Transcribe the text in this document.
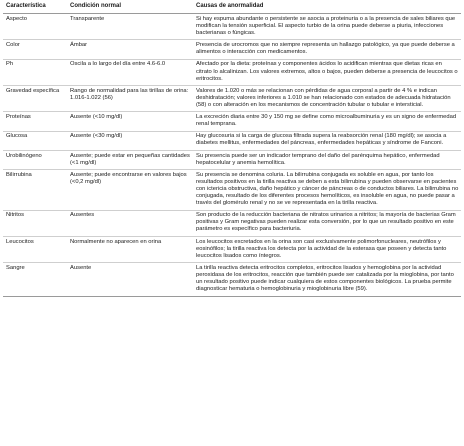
Característica	Condición normal	Causas de anormalidad
Aspecto	Transparente	Si hay espuma abundante o persistente se asocia a proteinuria o a la presencia de sales biliares que modifican la tensión superficial. El aspecto turbio de la orina puede deberse a piuria, infecciones bacterianas o fúngicas.
Color	Ámbar	Presencia de urocromos que no siempre representa un hallazgo patológico, ya que puede deberse a alimentos o interacción con medicamentos.
Ph	Oscila a lo largo del día entre 4.6-6.0	Afectado por la dieta: proteínas y componentes ácidos lo acidifican mientras que dietas ricas en citrato lo alcalinizan. Los valores extremos, altos o bajos, pueden deberse a presencia de leucocitos o eritrocitos.
Gravedad específica	Rango de normalidad para las tirillas de orina: 1.016-1.022 (56)	Valores de 1.020 o más se relacionan con pérdidas de agua corporal a partir de 4 % e indican deshidratación; valores inferiores a 1.010 se han relacionado con estados de adecuada hidratación (58) o con alteración en los mecanismos de concentración tubular o tubular e intersticial.
Proteínas	Ausente (<10 mg/dl)	La excreción diaria entre 30 y 150 mg se define como microalbuminuria y es un signo de enfermedad renal temprana.
Glucosa	Ausente (<30 mg/dl)	Hay glucosuria si la carga de glucosa filtrada supera la reabsorción renal (180 mg/dl); se asocia a diabetes mellitus, enfermedades del páncreas, enfermedades hepáticas y síndrome de Fanconi.
Urobilinógeno	Ausente; puede estar en pequeñas cantidades (<1 mg/dl)	Su presencia puede ser un indicador temprano del daño del parénquima hepático, enfermedad hepatocelular y anemia hemolítica.
Bilirrubina	Ausente; puede encontrarse en valores bajos (<0,2 mg/dl)	Su presencia se denomina coluria. La bilirrubina conjugada es soluble en agua, por tanto los resultados positivos en la tirilla reactiva se deben a esta bilirrubina y pueden observarse en pacientes con ictericia obstructiva, daño hepático y cáncer de páncreas o de conductos biliares. La bilirrubina no conjugada, resultado de los diferentes procesos hemolíticos, es insoluble en agua, no puede pasar a través del glomérulo renal y no se ve representada en la tirilla reactiva.
Nitritos	Ausentes	Son producto de la reducción bacteriana de nitratos urinarios a nitritos; la mayoría de bacterias Gram positivas y Gram negativas pueden realizar esta conversión, por lo que un resultado positivo en este parámetro es específico para bacteriuria.
Leucocitos	Normalmente no aparecen en orina	Los leucocitos excretados en la orina son casi exclusivamente polimorfonucleares, neutrófilos y eosinófilos; la tirilla reactiva los detecta por la actividad de la esterasa que poseen y detecta tanto leucocitos lisados como íntegros.
Sangre	Ausente	La tirilla reactiva detecta eritrocitos completos, eritrocitos lisados y hemoglobina por la actividad peroxidasa de los eritrocitos, reacción que también puede ser catalizada por la mioglobina, por tanto un resultado positivo puede indicar cualquiera de estos componentes biológicos. La prueba permite diagnosticar hematuria o hemoglobinuria y mioglobinuria libre (59).
